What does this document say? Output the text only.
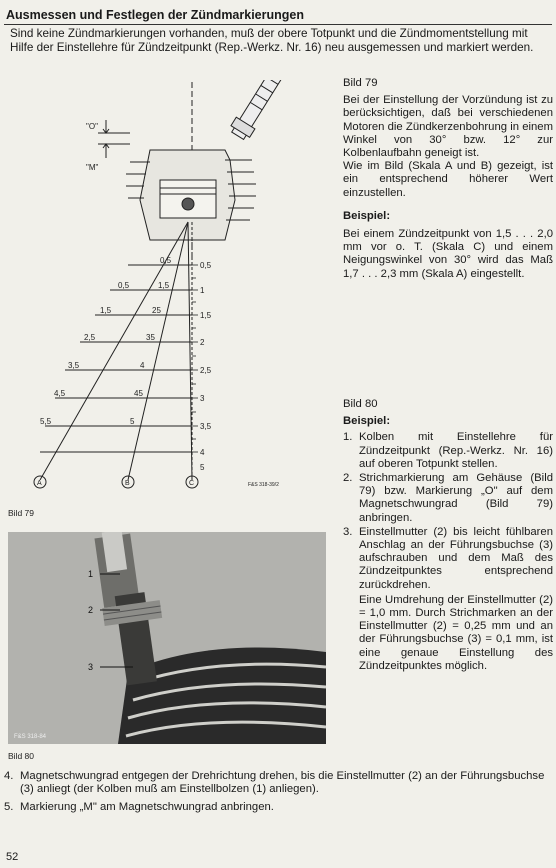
Ausmessen und Festlegen der Zündmarkierungen
Sind keine Zündmarkierungen vorhanden, muß der obere Totpunkt und die Zündmomentstellung mit Hilfe der Einstellehre für Zündzeitpunkt (Rep.-Werkz. Nr. 16) neu ausgemessen und markiert werden.
"O"
"M"
0,5
1,5
2,5
3,5
4,5
5,5
0,5
1,5
25
35
4
45
5
0,5
1
1,5
2
2,5
3
3,5
4
5
A	B	C	F&S 318-39/2
Bild 79
1
2
3
F&S 318-84
Bild 80
Bild 79
Bei der Einstellung der Vorzündung ist zu berücksichtigen, daß bei verschiedenen Motoren die Zündkerzenbohrung in einem Winkel von 30° bzw. 12° zur Kolbenlaufbahn geneigt ist.
Wie im Bild (Skala A und B) gezeigt, ist ein entsprechend höherer Wert einzustellen.
Beispiel:
Bei einem Zündzeitpunkt von 1,5 . . . 2,0 mm vor o. T. (Skala C) und einem Neigungswinkel von 30° wird das Maß 1,7 . . . 2,3 mm (Skala A) eingestellt.
Bild 80
Beispiel:
1. Kolben mit Einstellehre für Zündzeitpunkt (Rep.-Werkz. Nr. 16) auf oberen Totpunkt stellen.
2. Strichmarkierung am Gehäuse (Bild 79) bzw. Markierung „O" auf dem Magnetschwungrad (Bild 79) anbringen.
3. Einstellmutter (2) bis leicht fühlbaren Anschlag an der Führungsbuchse (3) aufschrauben und dem Maß des Zündzeitpunktes entsprechend zurückdrehen.
Eine Umdrehung der Einstellmutter (2) = 1,0 mm. Durch Strichmarken an der Einstellmutter (2) = 0,25 mm und an der Führungsbuchse (3) = 0,1 mm, ist eine genaue Einstellung des Zündzeitpunktes möglich.
4. Magnetschwungrad entgegen der Drehrichtung drehen, bis die Einstellmutter (2) an der Führungsbuchse (3) anliegt (der Kolben muß am Einstellbolzen (1) anliegen).
5. Markierung „M" am Magnetschwungrad anbringen.
52
